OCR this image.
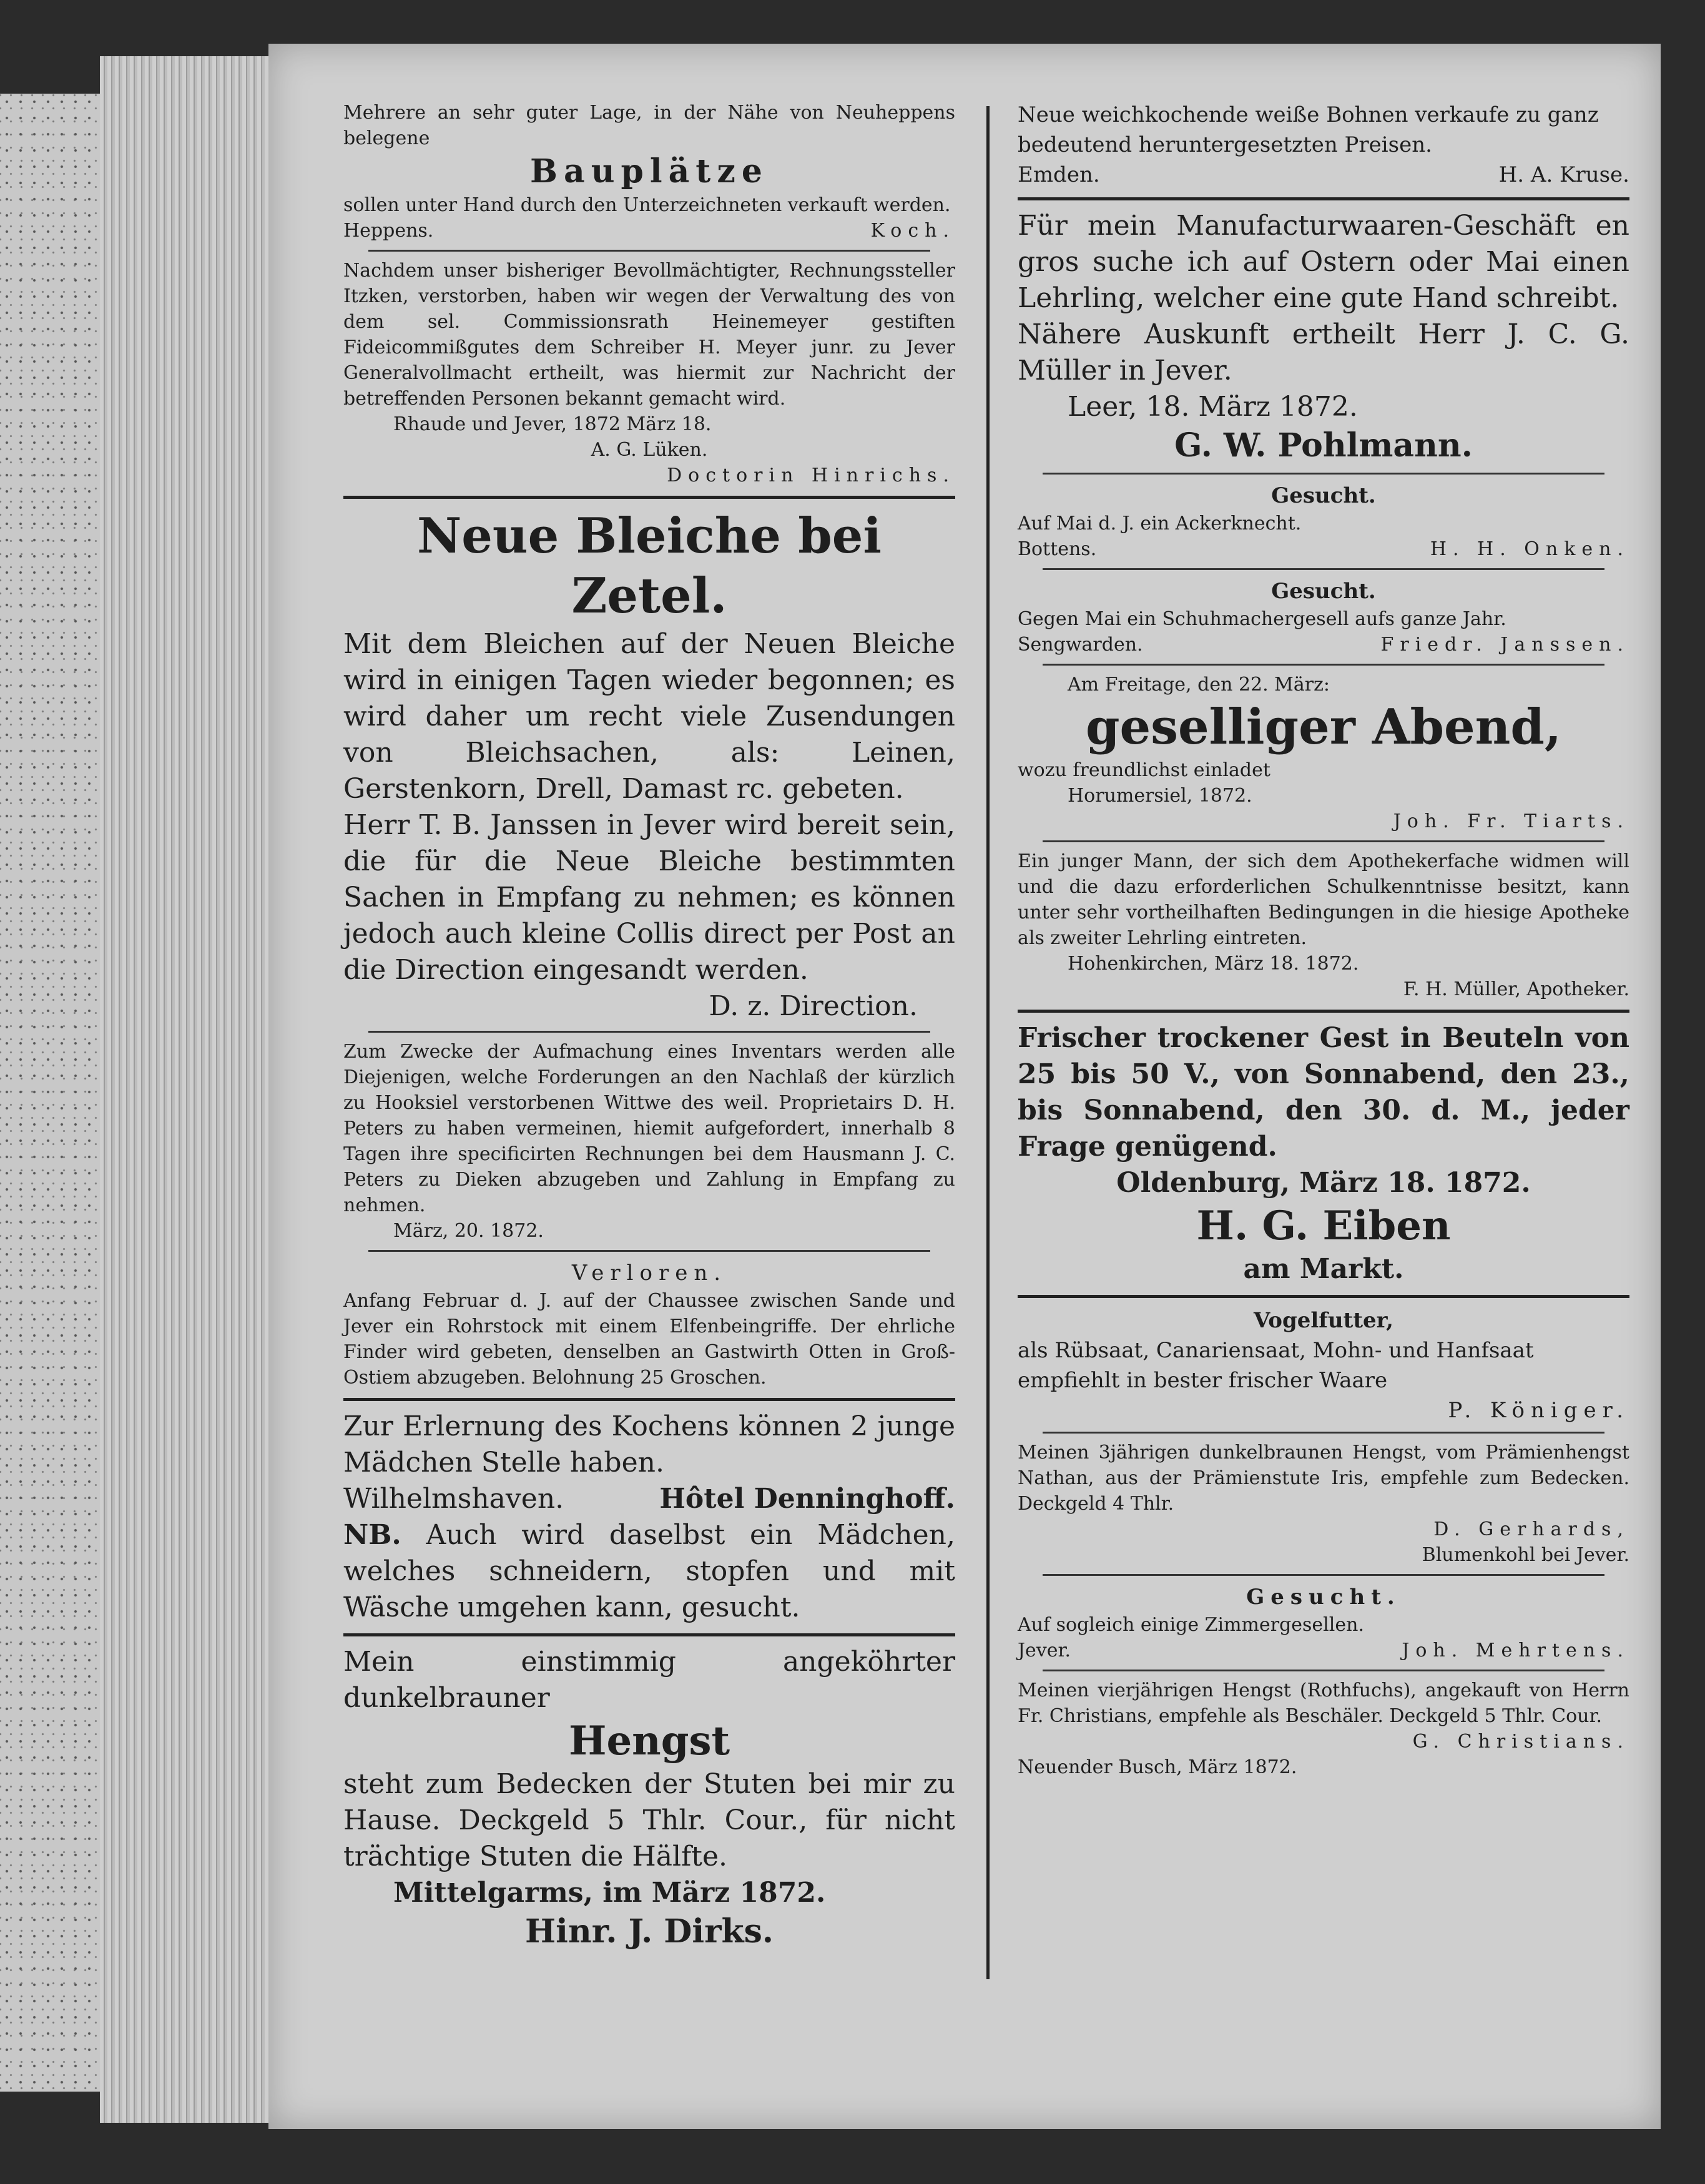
Mehrere an sehr guter Lage, in der Nähe von Neuheppens belegene

Bauplätze

sollen unter Hand durch den Unterzeichneten verkauft werden.

Heppens.	Koch.

Nachdem unser bisheriger Bevollmächtigter, Rechnungssteller Itzken, verstorben, haben wir wegen der Verwaltung des von dem sel. Commissionsrath Heinemeyer gestiften Fideicommißgutes dem Schreiber H. Meyer junr. zu Jever Generalvollmacht ertheilt, was hiermit zur Nachricht der betreffenden Personen bekannt gemacht wird.

Rhaude und Jever, 1872 März 18.

A. G. Lüken.

Doctorin Hinrichs.

Neue Bleiche bei Zetel.

Mit dem Bleichen auf der Neuen Bleiche wird in einigen Tagen wieder begonnen; es wird daher um recht viele Zusendungen von Bleichsachen, als: Leinen, Gerstenkorn, Drell, Damast rc. gebeten.

Herr T. B. Janssen in Jever wird bereit sein, die für die Neue Bleiche bestimmten Sachen in Empfang zu nehmen; es können jedoch auch kleine Collis direct per Post an die Direction eingesandt werden.

D. z. Direction.

Zum Zwecke der Aufmachung eines Inventars werden alle Diejenigen, welche Forderungen an den Nachlaß der kürzlich zu Hooksiel verstorbenen Wittwe des weil. Proprietairs D. H. Peters zu haben vermeinen, hiemit aufgefordert, innerhalb 8 Tagen ihre specificirten Rechnungen bei dem Hausmann J. C. Peters zu Dieken abzugeben und Zahlung in Empfang zu nehmen.

März, 20. 1872.

Verloren.

Anfang Februar d. J. auf der Chaussee zwischen Sande und Jever ein Rohrstock mit einem Elfenbeingriffe. Der ehrliche Finder wird gebeten, denselben an Gastwirth Otten in Groß-Ostiem abzugeben. Belohnung 25 Groschen.

Zur Erlernung des Kochens können 2 junge Mädchen Stelle haben.

Wilhelmshaven.	Hôtel Denninghoff.

NB. Auch wird daselbst ein Mädchen, welches schneidern, stopfen und mit Wäsche umgehen kann, gesucht.

Mein einstimmig angeköhrter dunkelbrauner

Hengst

steht zum Bedecken der Stuten bei mir zu Hause. Deckgeld 5 Thlr. Cour., für nicht trächtige Stuten die Hälfte.

Mittelgarms, im März 1872.

Hinr. J. Dirks.

Neue weichkochende weiße Bohnen verkaufe zu ganz bedeutend heruntergesetzten Preisen.

Emden.	H. A. Kruse.

Für mein Manufacturwaaren-Geschäft en gros suche ich auf Ostern oder Mai einen Lehrling, welcher eine gute Hand schreibt.

Nähere Auskunft ertheilt Herr J. C. G. Müller in Jever.

Leer, 18. März 1872.

G. W. Pohlmann.

Gesucht.

Auf Mai d. J. ein Ackerknecht.

Bottens.	H. H. Onken.

Gesucht.

Gegen Mai ein Schuhmachergesell aufs ganze Jahr.

Sengwarden.	Friedr. Janssen.

Am Freitage, den 22. März:

geselliger Abend,

wozu freundlichst einladet

Horumersiel, 1872.

Joh. Fr. Tiarts.

Ein junger Mann, der sich dem Apothekerfache widmen will und die dazu erforderlichen Schulkenntnisse besitzt, kann unter sehr vortheilhaften Bedingungen in die hiesige Apotheke als zweiter Lehrling eintreten.

Hohenkirchen, März 18. 1872.

F. H. Müller, Apotheker.

Frischer trockener Gest in Beuteln von 25 bis 50 V., von Sonnabend, den 23., bis Sonnabend, den 30. d. M., jeder Frage genügend.

Oldenburg, März 18. 1872.

H. G. Eiben

am Markt.

Vogelfutter,

als Rübsaat, Canariensaat, Mohn- und Hanfsaat empfiehlt in bester frischer Waare

P. Königer.

Meinen 3jährigen dunkelbraunen Hengst, vom Prämienhengst Nathan, aus der Prämienstute Iris, empfehle zum Bedecken. Deckgeld 4 Thlr.

D. Gerhards,

Blumenkohl bei Jever.

Gesucht.

Auf sogleich einige Zimmergesellen.

Jever.	Joh. Mehrtens.

Meinen vierjährigen Hengst (Rothfuchs), angekauft von Herrn Fr. Christians, empfehle als Beschäler. Deckgeld 5 Thlr. Cour.

G. Christians.

Neuender Busch, März 1872.
